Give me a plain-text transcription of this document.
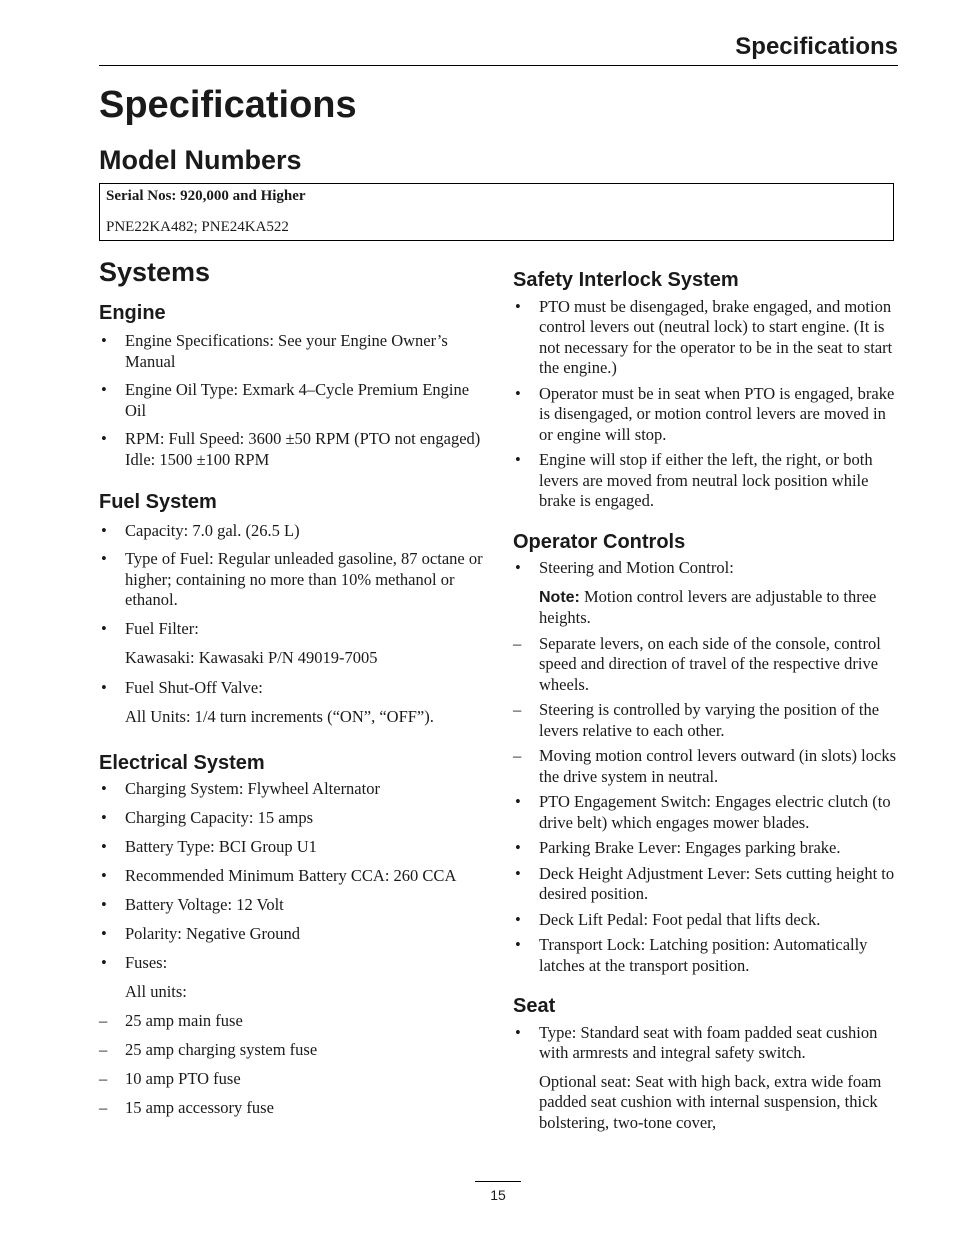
Specifications
Specifications
Model Numbers
Serial Nos: 920,000 and Higher
PNE22KA482; PNE24KA522
Systems
Engine
• Engine Specifications: See your Engine Owner’s Manual
• Engine Oil Type: Exmark 4–Cycle Premium Engine Oil
• RPM: Full Speed: 3600 ±50 RPM (PTO not engaged) Idle: 1500 ±100 RPM
Fuel System
• Capacity: 7.0 gal. (26.5 L)
• Type of Fuel: Regular unleaded gasoline, 87 octane or higher; containing no more than 10% methanol or ethanol.
• Fuel Filter:
Kawasaki: Kawasaki P/N 49019-7005
• Fuel Shut-Off Valve:
All Units: 1/4 turn increments (“ON”, “OFF”).
Electrical System
• Charging System: Flywheel Alternator
• Charging Capacity: 15 amps
• Battery Type: BCI Group U1
• Recommended Minimum Battery CCA: 260 CCA
• Battery Voltage: 12 Volt
• Polarity: Negative Ground
• Fuses:
All units:
– 25 amp main fuse
– 25 amp charging system fuse
– 10 amp PTO fuse
– 15 amp accessory fuse
Safety Interlock System
• PTO must be disengaged, brake engaged, and motion control levers out (neutral lock) to start engine. (It is not necessary for the operator to be in the seat to start the engine.)
• Operator must be in seat when PTO is engaged, brake is disengaged, or motion control levers are moved in or engine will stop.
• Engine will stop if either the left, the right, or both levers are moved from neutral lock position while brake is engaged.
Operator Controls
• Steering and Motion Control:
Note: Motion control levers are adjustable to three heights.
– Separate levers, on each side of the console, control speed and direction of travel of the respective drive wheels.
– Steering is controlled by varying the position of the levers relative to each other.
– Moving motion control levers outward (in slots) locks the drive system in neutral.
• PTO Engagement Switch: Engages electric clutch (to drive belt) which engages mower blades.
• Parking Brake Lever: Engages parking brake.
• Deck Height Adjustment Lever: Sets cutting height to desired position.
• Deck Lift Pedal: Foot pedal that lifts deck.
• Transport Lock: Latching position: Automatically latches at the transport position.
Seat
• Type: Standard seat with foam padded seat cushion with armrests and integral safety switch.
Optional seat: Seat with high back, extra wide foam padded seat cushion with internal suspension, thick bolstering, two-tone cover,
15
